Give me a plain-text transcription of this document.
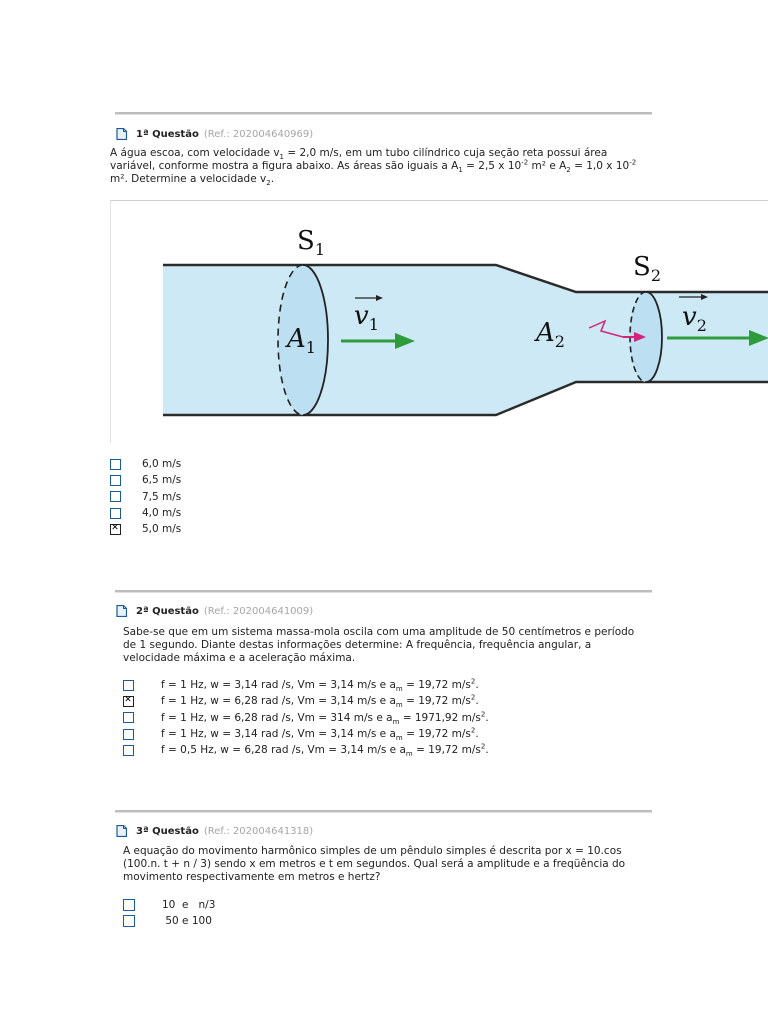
1ª Questão (Ref.: 202004640969)
A água escoa, com velocidade $v_1 = 2,0$ m/s, em um tubo cilíndrico cuja seção reta possui área variável, conforme mostra a figura abaixo. As áreas são iguais a $A_1 = 2,5$ x $10^{-2}$ m² e $A_2 = 1,0$ x $10^{-2}$ m². Determine a velocidade $v_2$.
$S_1$
$S_2$
$A_1$	$A_2$
$v_1$	$v_2$
6,0 m/s
6,5 m/s
7,5 m/s
4,0 m/s
✕
5,0 m/s
2ª Questão (Ref.: 202004641009)
Sabe-se que em um sistema massa-mola oscila com uma amplitude de 50 centímetros e período de 1 segundo. Diante destas informações determine: A frequência, frequência angular, a velocidade máxima e a aceleração máxima.
f = 1 Hz, w = 3,14 rad /s, Vm = 3,14 m/s e $a_m = 19,72$ $m/s^2$.
✕
f = 1 Hz, w = 6,28 rad /s, Vm = 3,14 m/s e $a_m = 19,72$ $m/s^2$.
f = 1 Hz, w = 6,28 rad /s, Vm = 314 m/s e $a_m = 1971,92$ $m/s^2$.
f = 1 Hz, w = 3,14 rad /s, Vm = 3,14 m/s e $a_m = 19,72$ $m/s^2$.
f = 0,5 Hz, w = 6,28 rad /s, Vm = 3,14 m/s e $a_m = 19,72$ $m/s^2$.
3ª Questão (Ref.: 202004641318)
A equação do movimento harmônico simples de um pêndulo simples é descrita por x = 10.cos (100.n. t + n / 3) sendo x em metros e t em segundos. Qual será a amplitude e a freqüência do movimento respectivamente em metros e hertz?
10  e   n/3
50 e 100
